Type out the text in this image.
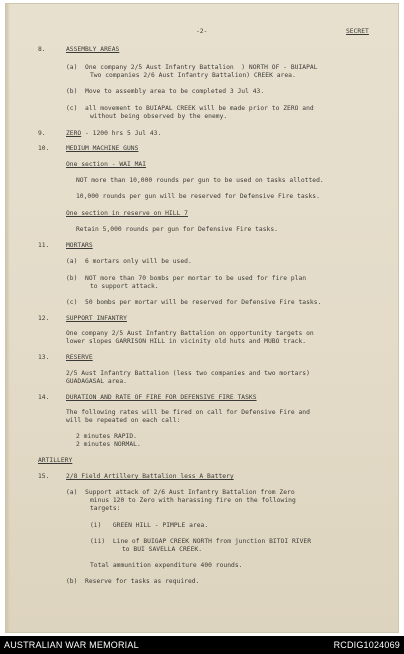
-2-	SECRET
8.	ASSEMBLY AREAS
(a)  One company 2/5 Aust Infantry Battalion  ) NORTH OF - BUIAPAL
Two companies 2/6 Aust Infantry Battalion) CREEK area.
(b)  Move to assembly area to be completed 3 Jul 43.
(c)  all movement to BUIAPAL CREEK will be made prior to ZERO and
without being observed by the enemy.
9.	ZERO - 1200 hrs 5 Jul 43.
10.	MEDIUM MACHINE GUNS
One section - WAI MAI
NOT more than 10,000 rounds per gun to be used on tasks allotted.
10,000 rounds per gun will be reserved for Defensive Fire tasks.
One section in reserve on HILL 7
Retain 5,000 rounds per gun for Defensive Fire tasks.
11.	MORTARS
(a)  6 mortars only will be used.
(b)  NOT more than 70 bombs per mortar to be used for fire plan
to support attack.
(c)  50 bombs per mortar will be reserved for Defensive Fire tasks.
12.	SUPPORT INFANTRY
One company 2/5 Aust Infantry Battalion on opportunity targets on
lower slopes GARRISON HILL in vicinity old huts and MUBO track.
13.	RESERVE
2/5 Aust Infantry Battalion (less two companies and two mortars)
GUADAGASAL area.
14.	DURATION AND RATE OF FIRE FOR DEFENSIVE FIRE TASKS
The following rates will be fired on call for Defensive Fire and
will be repeated on each call:
2 minutes RAPID.
2 minutes NORMAL.
ARTILLERY
15.	2/8 Field Artillery Battalion less A Battery
(a)  Support attack of 2/6 Aust Infantry Battalion from Zero
minus 120 to Zero with harassing fire on the following
targets:
(i)   GREEN HILL - PIMPLE area.
(ii)  Line of BUIGAP CREEK NORTH from junction BITOI RIVER
to BUI SAVELLA CREEK.
Total ammunition expenditure 400 rounds.
(b)  Reserve for tasks as required.
AUSTRALIAN WAR MEMORIAL	RCDIG1024069
